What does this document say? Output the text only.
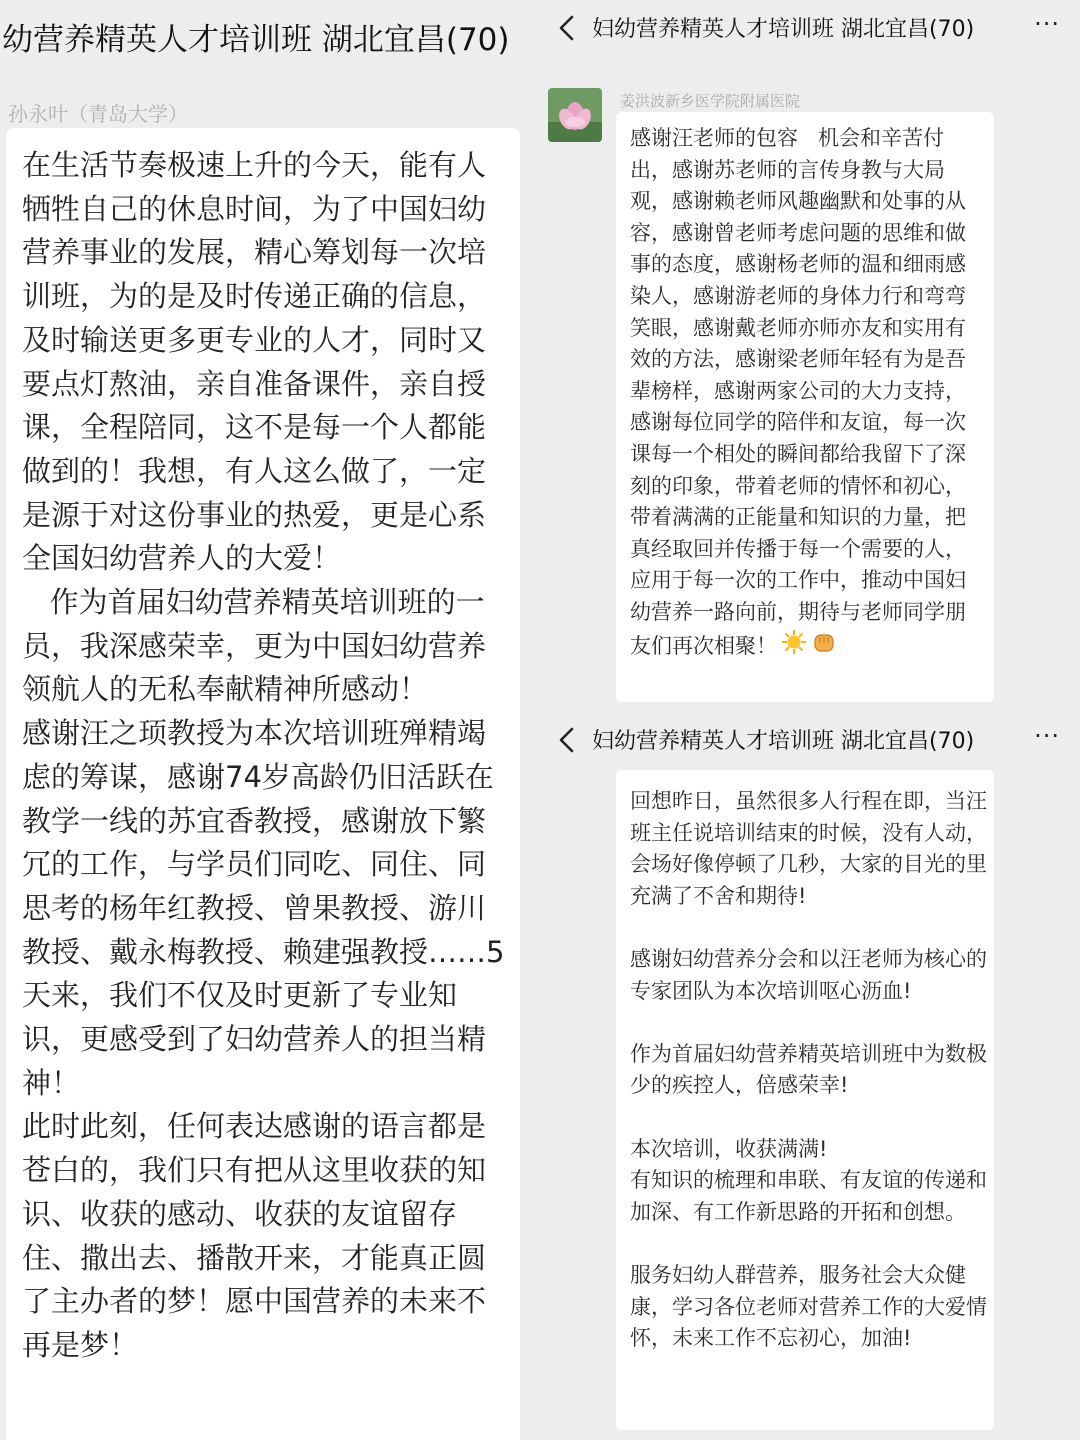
幼营养精英人才培训班 湖北宜昌(70)
孙永叶（青岛大学）
在生活节奏极速上升的今天，能有人牺牲自己的休息时间，为了中国妇幼营养事业的发展，精心筹划每一次培训班，为的是及时传递正确的信息，及时输送更多更专业的人才，同时又要点灯熬油，亲自准备课件，亲自授课，全程陪同，这不是每一个人都能做到的！我想，有人这么做了，一定是源于对这份事业的热爱，更是心系全国妇幼营养人的大爱！
作为首届妇幼营养精英培训班的一员，我深感荣幸，更为中国妇幼营养领航人的无私奉献精神所感动！
感谢汪之顼教授为本次培训班殚精竭虑的筹谋，感谢74岁高龄仍旧活跃在教学一线的苏宜香教授，感谢放下繁冗的工作，与学员们同吃、同住、同思考的杨年红教授、曾果教授、游川教授、戴永梅教授、赖建强教授……5天来，我们不仅及时更新了专业知识，更感受到了妇幼营养人的担当精神！
此时此刻，任何表达感谢的语言都是苍白的，我们只有把从这里收获的知识、收获的感动、收获的友谊留存住、撒出去、播散开来，才能真正圆了主办者的梦！愿中国营养的未来不再是梦！
妇幼营养精英人才培训班 湖北宜昌(70) ···
姜洪波新乡医学院附属医院
感谢汪老师的包容   机会和辛苦付出，感谢苏老师的言传身教与大局观，感谢赖老师风趣幽默和处事的从容，感谢曾老师考虑问题的思维和做事的态度，感谢杨老师的温和细雨感染人，感谢游老师的身体力行和弯弯笑眼，感谢戴老师亦师亦友和实用有效的方法，感谢梁老师年轻有为是吾辈榜样，感谢两家公司的大力支持，感谢每位同学的陪伴和友谊，每一次课每一个相处的瞬间都给我留下了深刻的印象，带着老师的情怀和初心，带着满满的正能量和知识的力量，把真经取回并传播于每一个需要的人，应用于每一次的工作中，推动中国妇幼营养一路向前，期待与老师同学朋友们再次相聚！
妇幼营养精英人才培训班 湖北宜昌(70) ···

回想昨日，虽然很多人行程在即，当汪班主任说培训结束的时候，没有人动，会场好像停顿了几秒，大家的目光的里充满了不舍和期待!

感谢妇幼营养分会和以汪老师为核心的专家团队为本次培训呕心沥血!

作为首届妇幼营养精英培训班中为数极少的疾控人，倍感荣幸!

本次培训，收获满满!
有知识的梳理和串联、有友谊的传递和加深、有工作新思路的开拓和创想。

服务妇幼人群营养，服务社会大众健康，学习各位老师对营养工作的大爱情怀，未来工作不忘初心，加油!
